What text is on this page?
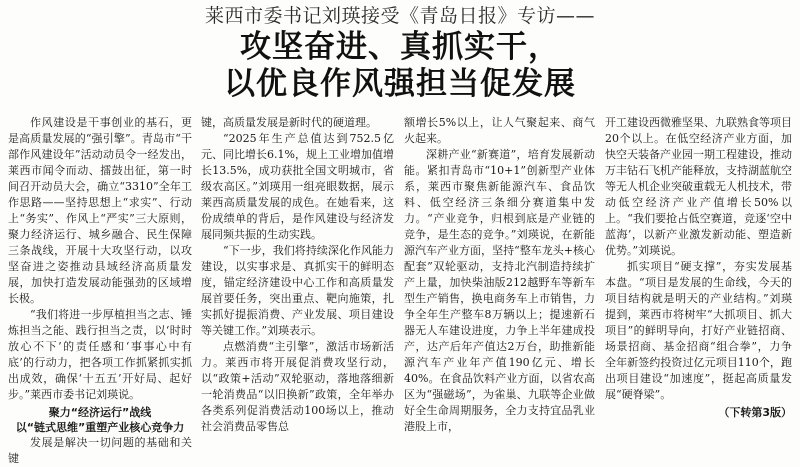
莱西市委书记刘瑛接受《青岛日报》专访——
攻坚奋进、真抓实干，
以优良作风强担当促发展

作风建设是干事创业的基石，更是高质量发展的“强引擎”。青岛市“干部作风建设年”活动动员令一经发出，莱西市闻令而动、擂鼓出征，第一时间召开动员大会，确立“3310”全年工作思路——坚持思想上“求实”、行动上“务实”、作风上“严实”三大原则，聚力经济运行、城乡融合、民生保障三条战线，开展十大攻坚行动，以攻坚奋进之姿推动县域经济高质量发展，加快打造发展动能强劲的区域增长极。

“我们将进一步厚植担当之志、锤炼担当之能、践行担当之责，以‘时时放心不下’的责任感和‘事事心中有底’的行动力，把各项工作抓紧抓实抓出成效，确保‘十五五’开好局、起好步。”莱西市委书记刘瑛说。

聚力“经济运行”战线
以“链式思维”重塑产业核心竞争力

发展是解决一切问题的基础和关键

键，高质量发展是新时代的硬道理。

“2025年生产总值达到752.5亿元、同比增长6.1%，规上工业增加值增长13.5%，成功获批全国文明城市，省级农高区。”刘瑛用一组亮眼数据，展示莱西高质量发展的成色。在她看来，这份成绩单的背后，是作风建设与经济发展同频共振的生动实践。

“下一步，我们将持续深化作风能力建设，以实事求是、真抓实干的鲜明态度，锚定经济建设中心工作和高质量发展首要任务，突出重点、靶向施策，扎实抓好提振消费、产业发展、项目建设等关键工作。”刘瑛表示。

点燃消费“主引擎”，激活市场新活力。莱西市将开展促消费攻坚行动，以“政策+活动”双轮驱动，落地落细新一轮消费品“以旧换新”政策，全年举办各类系列促消费活动100场以上，推动社会消费品零售总

额增长5%以上，让人气聚起来、商气火起来。

深耕产业“新赛道”，培育发展新动能。紧扣青岛市“10+1”创新型产业体系，莱西市聚焦新能源汽车、食品饮料、低空经济三条细分赛道集中发力。“产业竞争，归根到底是产业链的竞争，是生态的竞争。”刘瑛说，在新能源汽车产业方面，坚持“整车龙头+核心配套”双轮驱动，支持北汽制造持续扩产上量，加快柴油版212越野车等新车型生产销售，换电商务车上市销售，力争全年生产整车8万辆以上；提速新石器无人车建设进度，力争上半年建成投产，达产后年产值达2万台，助推新能源汽车产业年产值190亿元、增长40%。在食品饮料产业方面，以省农高区为“强磁场”，为雀巢、九联等企业做好全生命周期服务，全力支持宜品乳业港股上市，

开工建设西微雅坚果、九联熟食等项目20个以上。在低空经济产业方面，加快空天装备产业园一期工程建设，推动万丰钻石飞机产能释放，支持湖蓝航空等无人机企业突破重载无人机技术，带动低空经济产业产值增长50%以上。“我们要抢占低空赛道，竞逐‘空中蓝海’，以新产业激发新动能、塑造新优势。”刘瑛说。

抓实项目“硬支撑”，夯实发展基本盘。“项目是发展的生命线，今天的项目结构就是明天的产业结构。”刘瑛提到，莱西市将树牢“大抓项目、抓大项目”的鲜明导向，打好产业链招商、场景招商、基金招商“组合拳”，力争全年新签约投资过亿元项目110个，跑出项目建设“加速度”，挺起高质量发展“硬脊梁”。

（下转第3版）
